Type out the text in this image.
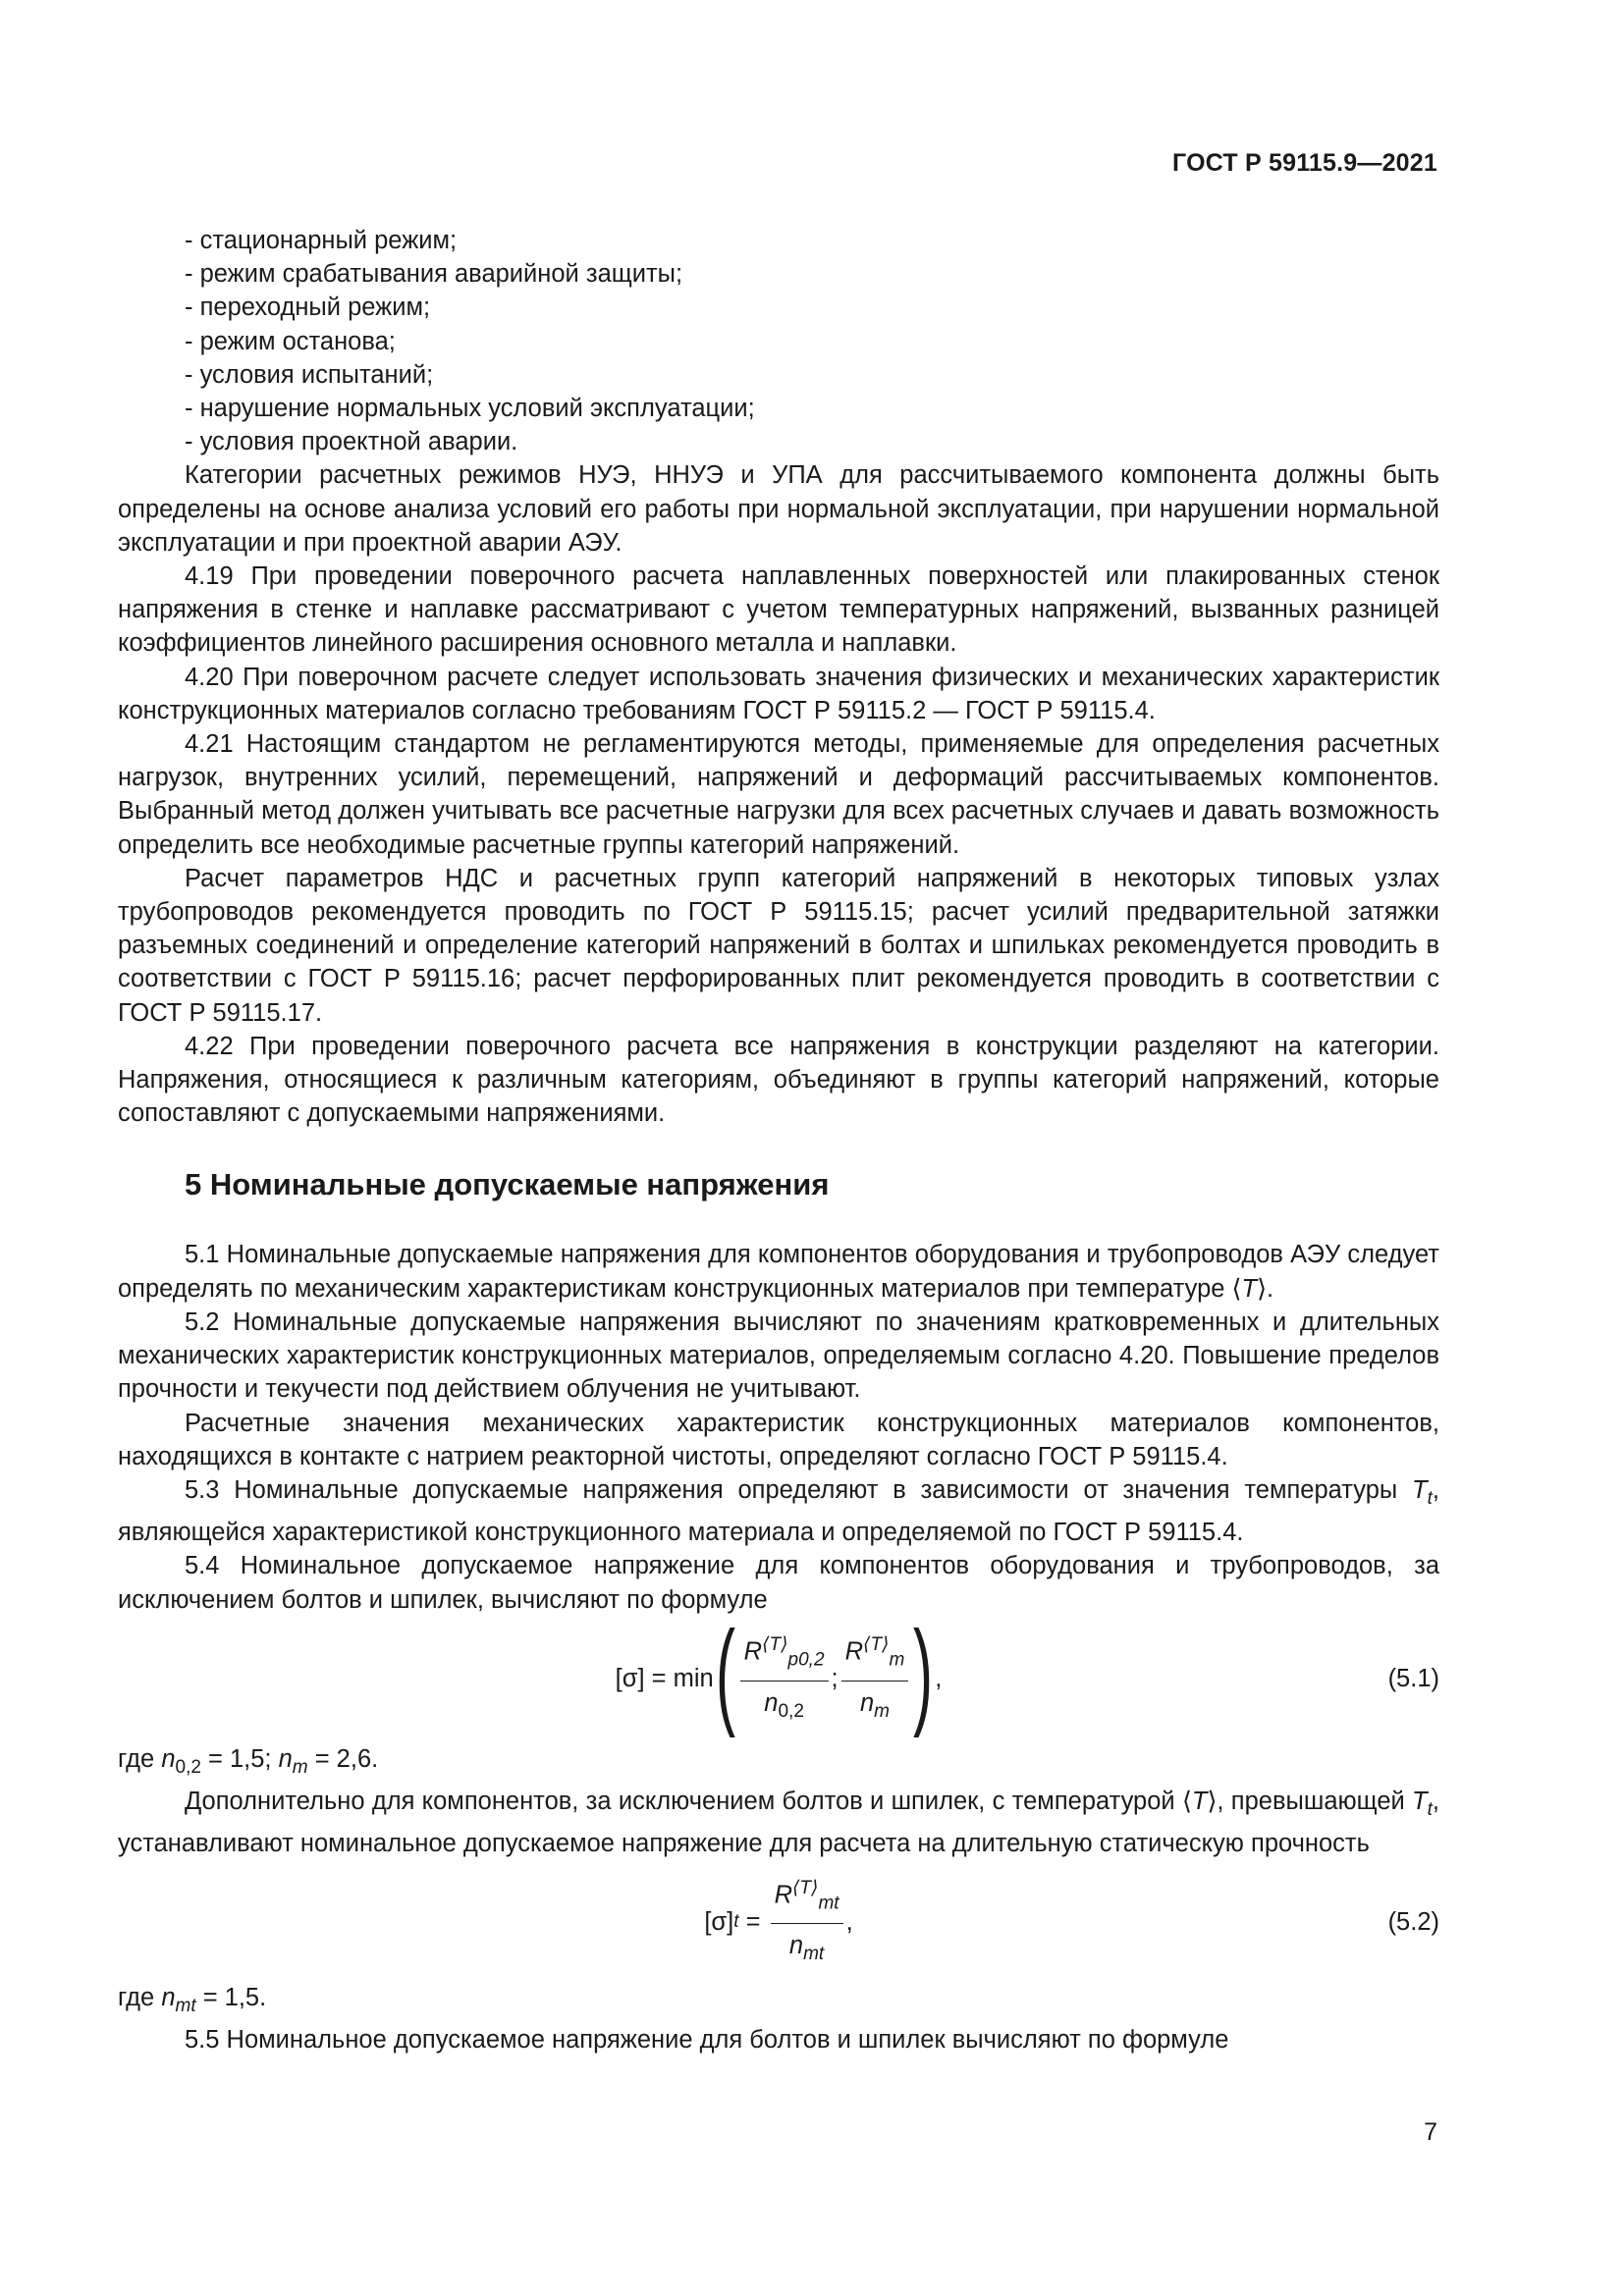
ГОСТ Р 59115.9—2021

- стационарный режим;

- режим срабатывания аварийной защиты;

- переходный режим;

- режим останова;

- условия испытаний;

- нарушение нормальных условий эксплуатации;

- условия проектной аварии.

Категории расчетных режимов НУЭ, ННУЭ и УПА для рассчитываемого компонента должны быть определены на основе анализа условий его работы при нормальной эксплуатации, при нарушении нормальной эксплуатации и при проектной аварии АЭУ.

4.19 При проведении поверочного расчета наплавленных поверхностей или плакированных стенок напряжения в стенке и наплавке рассматривают с учетом температурных напряжений, вызванных разницей коэффициентов линейного расширения основного металла и наплавки.

4.20 При поверочном расчете следует использовать значения физических и механических характеристик конструкционных материалов согласно требованиям ГОСТ Р 59115.2 — ГОСТ Р 59115.4.

4.21 Настоящим стандартом не регламентируются методы, применяемые для определения расчетных нагрузок, внутренних усилий, перемещений, напряжений и деформаций рассчитываемых компонентов. Выбранный метод должен учитывать все расчетные нагрузки для всех расчетных случаев и давать возможность определить все необходимые расчетные группы категорий напряжений.

Расчет параметров НДС и расчетных групп категорий напряжений в некоторых типовых узлах трубопроводов рекомендуется проводить по ГОСТ Р 59115.15; расчет усилий предварительной затяжки разъемных соединений и определение категорий напряжений в болтах и шпильках рекомендуется проводить в соответствии с ГОСТ Р 59115.16; расчет перфорированных плит рекомендуется проводить в соответствии с ГОСТ Р 59115.17.

4.22 При проведении поверочного расчета все напряжения в конструкции разделяют на категории. Напряжения, относящиеся к различным категориям, объединяют в группы категорий напряжений, которые сопоставляют с допускаемыми напряжениями.

5 Номинальные допускаемые напряжения

5.1 Номинальные допускаемые напряжения для компонентов оборудования и трубопроводов АЭУ следует определять по механическим характеристикам конструкционных материалов при температуре ⟨T⟩.

5.2 Номинальные допускаемые напряжения вычисляют по значениям кратковременных и длительных механических характеристик конструкционных материалов, определяемым согласно 4.20. Повышение пределов прочности и текучести под действием облучения не учитывают.

Расчетные значения механических характеристик конструкционных материалов компонентов, находящихся в контакте с натрием реакторной чистоты, определяют согласно ГОСТ Р 59115.4.

5.3 Номинальные допускаемые напряжения определяют в зависимости от значения температуры $T_t$, являющейся характеристикой конструкционного материала и определяемой по ГОСТ Р 59115.4.

5.4 Номинальное допускаемое напряжение для компонентов оборудования и трубопроводов, за исключением болтов и шпилек, вычисляют по формуле

[σ] = min ( $\frac{R^{⟨T⟩}_{p0,2}}{n_{0,2}}$ ; $\frac{R^{⟨T⟩}_m}{n_m}$ ) ,	(5.1)

где $n_{0,2} = 1,5$; $n_m = 2,6$.

Дополнительно для компонентов, за исключением болтов и шпилек, с температурой ⟨T⟩, превышающей $T_t$, устанавливают номинальное допускаемое напряжение для расчета на длительную статическую прочность

[σ] $t = \frac{R^{⟨T⟩}_{mt}}{n_{mt}}$ ,	(5.2)

где $n_{mt} = 1,5$.

5.5 Номинальное допускаемое напряжение для болтов и шпилек вычисляют по формуле

7
